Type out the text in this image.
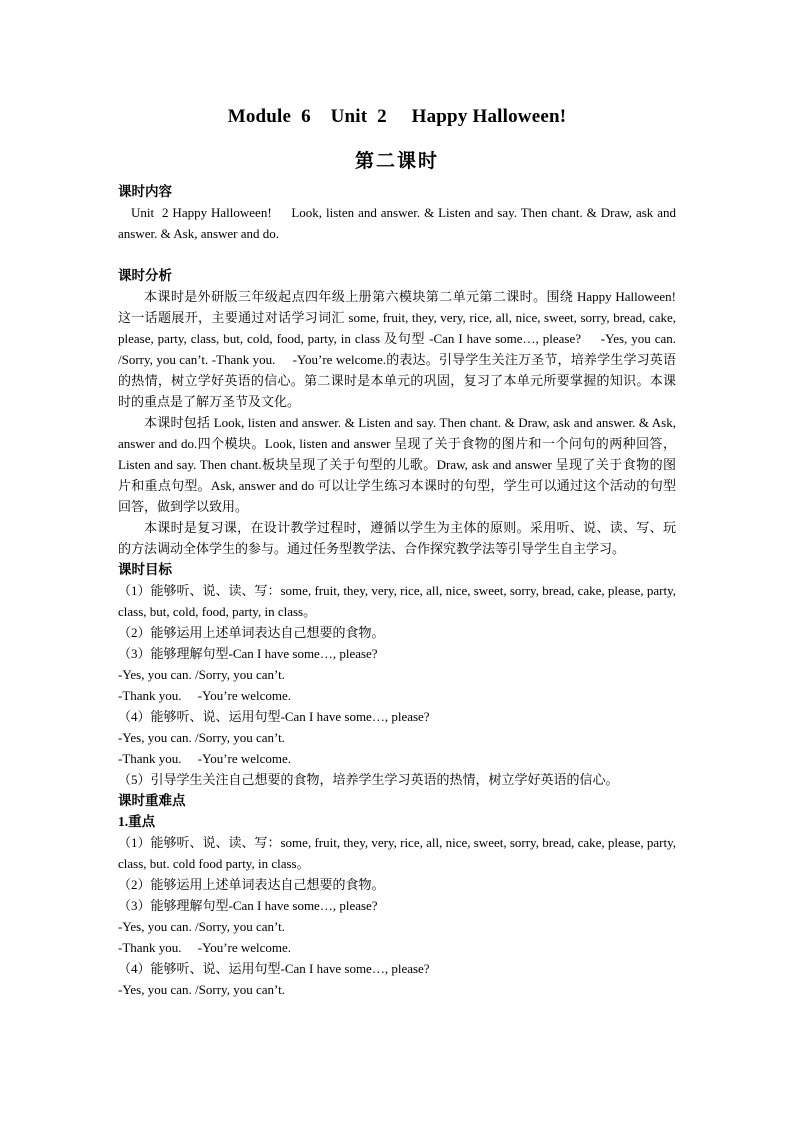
Module  6    Unit  2     Happy Halloween!
第二课时

课时内容

Unit  2 Happy Halloween!     Look, listen and answer. & Listen and say. Then chant. & Draw, ask and answer. & Ask, answer and do.

课时分析

本课时是外研版三年级起点四年级上册第六模块第二单元第二课时。围绕 Happy Halloween! 这一话题展开，主要通过对话学习词汇 some, fruit, they, very, rice, all, nice, sweet, sorry, bread, cake, please, party, class, but, cold, food, party, in class 及句型 -Can I have some…, please?     -Yes, you can. /Sorry, you can’t. -Thank you.     -You’re welcome.的表达。引导学生关注万圣节，培养学生学习英语的热情，树立学好英语的信心。第二课时是本单元的巩固，复习了本单元所要掌握的知识。本课时的重点是了解万圣节及文化。

本课时包括 Look, listen and answer. & Listen and say. Then chant. & Draw, ask and answer. & Ask, answer and do.四个模块。Look, listen and answer 呈现了关于食物的图片和一个问句的两种回答，Listen and say. Then chant.板块呈现了关于句型的儿歌。Draw, ask and answer 呈现了关于食物的图片和重点句型。Ask, answer and do 可以让学生练习本课时的句型，学生可以通过这个活动的句型回答，做到学以致用。

本课时是复习课，在设计教学过程时，遵循以学生为主体的原则。采用听、说、读、写、玩的方法调动全体学生的参与。通过任务型教学法、合作探究教学法等引导学生自主学习。

课时目标

（1）能够听、说、读、写：some, fruit, they, very, rice, all, nice, sweet, sorry, bread, cake, please, party, class, but, cold, food, party, in class。

（2）能够运用上述单词表达自己想要的食物。

（3）能够理解句型-Can I have some…, please?

-Yes, you can. /Sorry, you can’t.

-Thank you.     -You’re welcome.

（4）能够听、说、运用句型-Can I have some…, please?

-Yes, you can. /Sorry, you can’t.

-Thank you.     -You’re welcome.

（5）引导学生关注自己想要的食物，培养学生学习英语的热情，树立学好英语的信心。

课时重难点

1.重点

（1）能够听、说、读、写：some, fruit, they, very, rice, all, nice, sweet, sorry, bread, cake, please, party, class, but. cold food party, in class。

（2）能够运用上述单词表达自己想要的食物。

（3）能够理解句型-Can I have some…, please?

-Yes, you can. /Sorry, you can’t.

-Thank you.     -You’re welcome.

（4）能够听、说、运用句型-Can I have some…, please?

-Yes, you can. /Sorry, you can’t.
